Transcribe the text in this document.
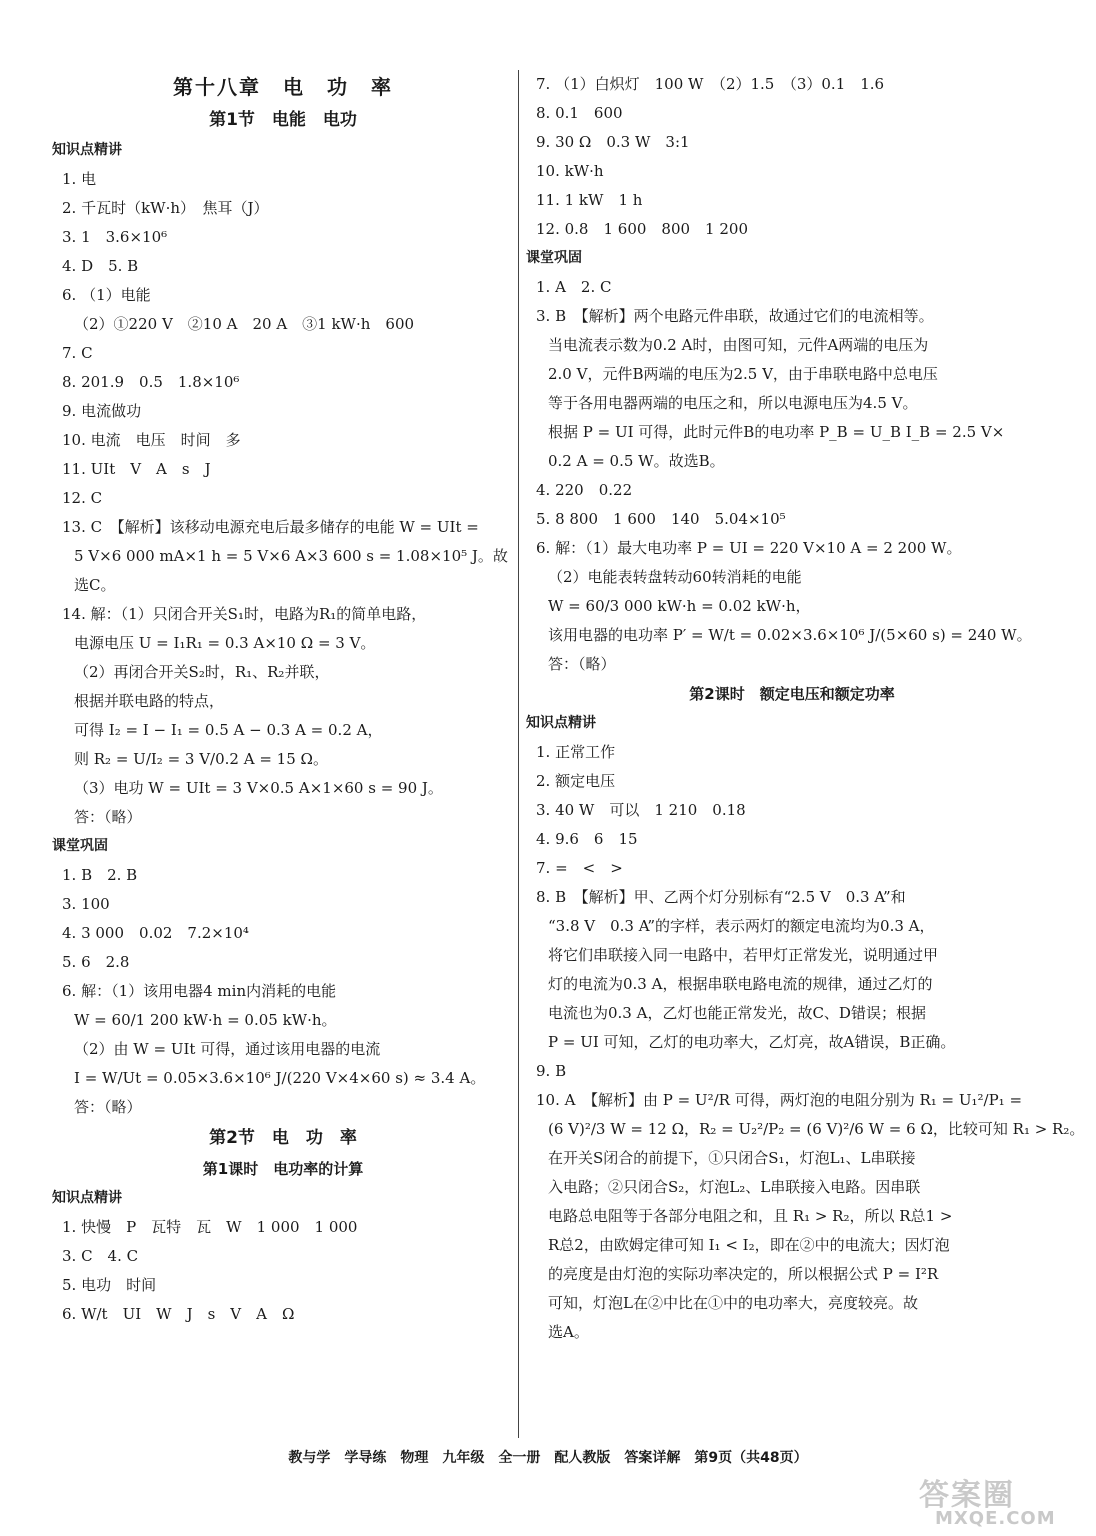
第十八章　电　功　率
第1节　电能　电功
知识点精讲
1. 电
2. 千瓦时（kW·h）　焦耳（J）
3. 1　3.6×10⁶
4. D　5. B
6. （1）电能
（2）①220 V　②10 A　20 A　③1 kW·h　600
7. C
8. 201.9　0.5　1.8×10⁶
9. 电流做功
10. 电流　电压　时间　多
11. UIt　V　A　s　J
12. C
13. C　【解析】该移动电源充电后最多储存的电能 W = UIt =
5 V×6 000 mA×1 h = 5 V×6 A×3 600 s = 1.08×10⁵ J。故
选C。
14. 解：（1）只闭合开关S₁时，电路为R₁的简单电路，
电源电压 U = I₁R₁ = 0.3 A×10 Ω = 3 V。
（2）再闭合开关S₂时，R₁、R₂并联，
根据并联电路的特点，
可得 I₂ = I − I₁ = 0.5 A − 0.3 A = 0.2 A，
则 R₂ = U/I₂ = 3 V/0.2 A = 15 Ω。
（3）电功 W = UIt = 3 V×0.5 A×1×60 s = 90 J。
答：（略）
课堂巩固
1. B　2. B
3. 100
4. 3 000　0.02　7.2×10⁴
5. 6　2.8
6. 解：（1）该用电器4 min内消耗的电能
W = 60/1 200 kW·h = 0.05 kW·h。
（2）由 W = UIt 可得，通过该用电器的电流
I = W/Ut = 0.05×3.6×10⁶ J/(220 V×4×60 s) ≈ 3.4 A。
答：（略）
第2节　电　功　率
第1课时　电功率的计算
知识点精讲
1. 快慢　P　瓦特　瓦　W　1 000　1 000
3. C　4. C
5. 电功　时间
6. W/t　UI　W　J　s　V　A　Ω
7. （1）白炽灯　100 W　（2）1.5　（3）0.1　1.6
8. 0.1　600
9. 30 Ω　0.3 W　3:1
10. kW·h
11. 1 kW　1 h
12. 0.8　1 600　800　1 200
课堂巩固
1. A　2. C
3. B　【解析】两个电路元件串联，故通过它们的电流相等。
当电流表示数为0.2 A时，由图可知，元件A两端的电压为
2.0 V，元件B两端的电压为2.5 V，由于串联电路中总电压
等于各用电器两端的电压之和，所以电源电压为4.5 V。
根据 P = UI 可得，此时元件B的电功率 P_B = U_B I_B = 2.5 V×
0.2 A = 0.5 W。故选B。
4. 220　0.22
5. 8 800　1 600　140　5.04×10⁵
6. 解：（1）最大电功率 P = UI = 220 V×10 A = 2 200 W。
（2）电能表转盘转动60转消耗的电能
W = 60/3 000 kW·h = 0.02 kW·h，
该用电器的电功率 P′ = W/t = 0.02×3.6×10⁶ J/(5×60 s) = 240 W。
答：（略）
第2课时　额定电压和额定功率
知识点精讲
1. 正常工作
2. 额定电压
3. 40 W　可以　1 210　0.18
4. 9.6　6　15
7. =　<　>
8. B　【解析】甲、乙两个灯分别标有“2.5 V　0.3 A”和
“3.8 V　0.3 A”的字样，表示两灯的额定电流均为0.3 A，
将它们串联接入同一电路中，若甲灯正常发光，说明通过甲
灯的电流为0.3 A，根据串联电路电流的规律，通过乙灯的
电流也为0.3 A，乙灯也能正常发光，故C、D错误；根据
P = UI 可知，乙灯的电功率大，乙灯亮，故A错误，B正确。
9. B
10. A　【解析】由 P = U²/R 可得，两灯泡的电阻分别为 R₁ = U₁²/P₁ =
(6 V)²/3 W = 12 Ω，R₂ = U₂²/P₂ = (6 V)²/6 W = 6 Ω，比较可知 R₁ > R₂。
在开关S闭合的前提下，①只闭合S₁，灯泡L₁、L串联接
入电路；②只闭合S₂，灯泡L₂、L串联接入电路。因串联
电路总电阻等于各部分电阻之和，且 R₁ > R₂，所以 R总1 >
R总2，由欧姆定律可知 I₁ < I₂，即在②中的电流大；因灯泡
的亮度是由灯泡的实际功率决定的，所以根据公式 P = I²R
可知，灯泡L在②中比在①中的电功率大，亮度较亮。故
选A。
教与学　学导练　物理　九年级　全一册　配人教版　答案详解　第9页（共48页）
答案圈
MXQE.COM
